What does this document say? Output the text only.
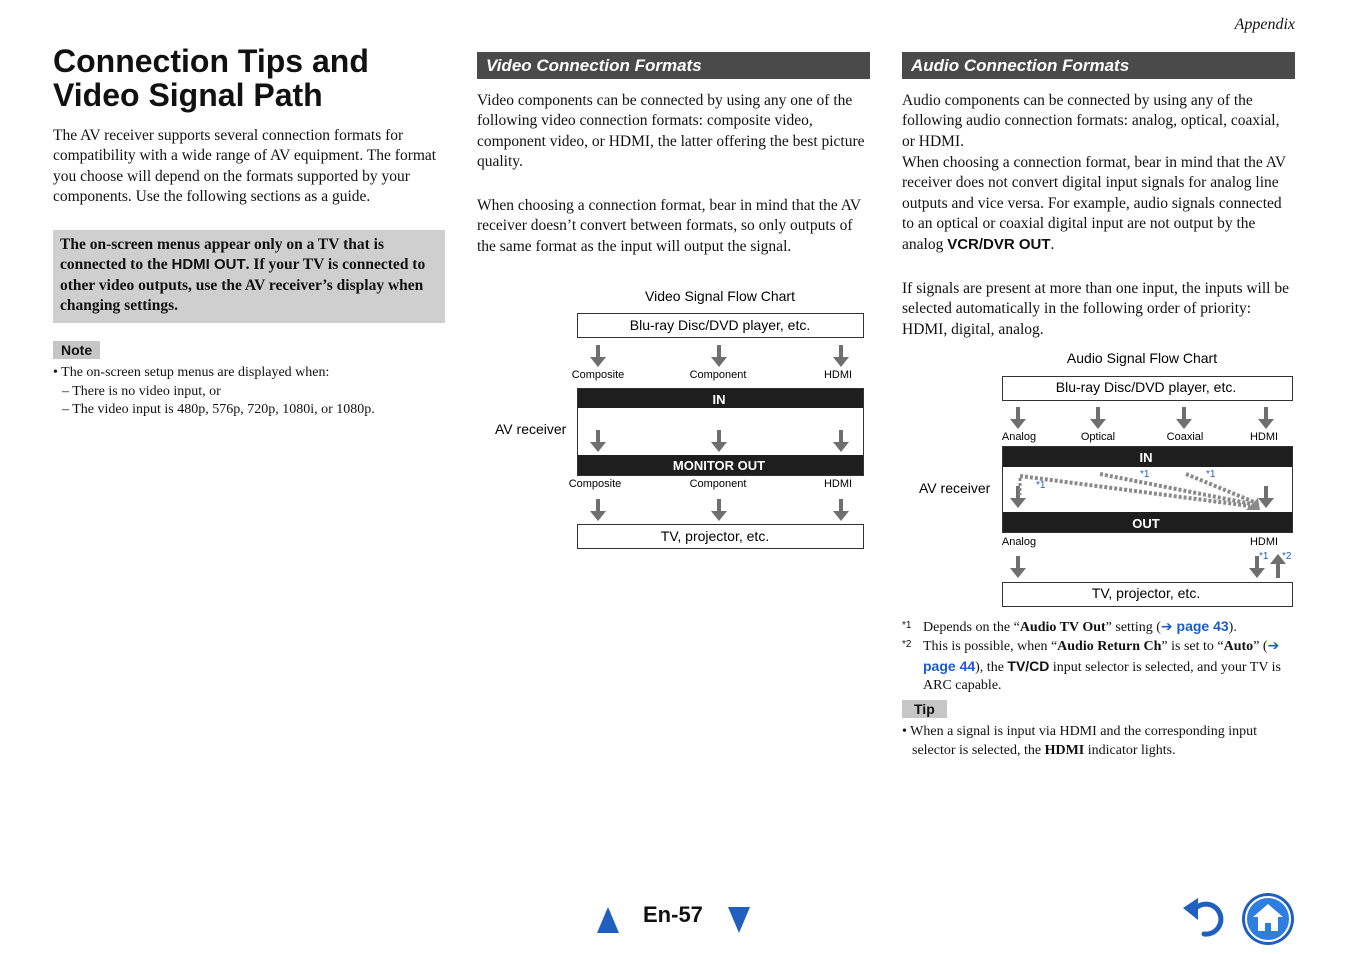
Appendix
Connection Tips and
Video Signal Path

The AV receiver supports several connection formats for compatibility with a wide range of AV equipment. The format you choose will depend on the formats supported by your components. Use the following sections as a guide.

The on-screen menus appear only on a TV that is connected to the HDMI OUT. If your TV is connected to other video outputs, use the AV receiver’s display when changing settings.
Note
• The on-screen setup menus are displayed when:
– There is no video input, or
– The video input is 480p, 576p, 720p, 1080i, or 1080p.
Video Connection Formats

Video components can be connected by using any one of the following video connection formats: composite video, component video, or HDMI, the latter offering the best picture quality.

When choosing a connection format, bear in mind that the AV receiver doesn’t convert between formats, so only outputs of the same format as the input will output the signal.

Video Signal Flow Chart
Blu-ray Disc/DVD player, etc.
Composite	Component	HDMI
IN
MONITOR OUT
AV receiver
Composite	Component	HDMI
TV, projector, etc.
Audio Connection Formats

Audio components can be connected by using any of the following audio connection formats: analog, optical, coaxial, or HDMI.

When choosing a connection format, bear in mind that the AV receiver does not convert digital input signals for analog line outputs and vice versa. For example, audio signals connected to an optical or coaxial digital input are not output by the analog VCR/DVR OUT.

If signals are present at more than one input, the inputs will be selected automatically in the following order of priority: HDMI, digital, analog.

Audio Signal Flow Chart
Blu-ray Disc/DVD player, etc.
Analog	Optical	Coaxial	HDMI
IN
*1
*1	*1
OUT
AV receiver
Analog	HDMI
*1 *2
TV, projector, etc.
$^{*1}$ Depends on the “Audio TV Out” setting (➔ page 43).
$^{*2}$ This is possible, when “Audio Return Ch” is set to “Auto” (➔ page 44), the TV/CD input selector is selected, and your TV is ARC capable.
Tip
• When a signal is input via HDMI and the corresponding input selector is selected, the HDMI indicator lights.
En-57
